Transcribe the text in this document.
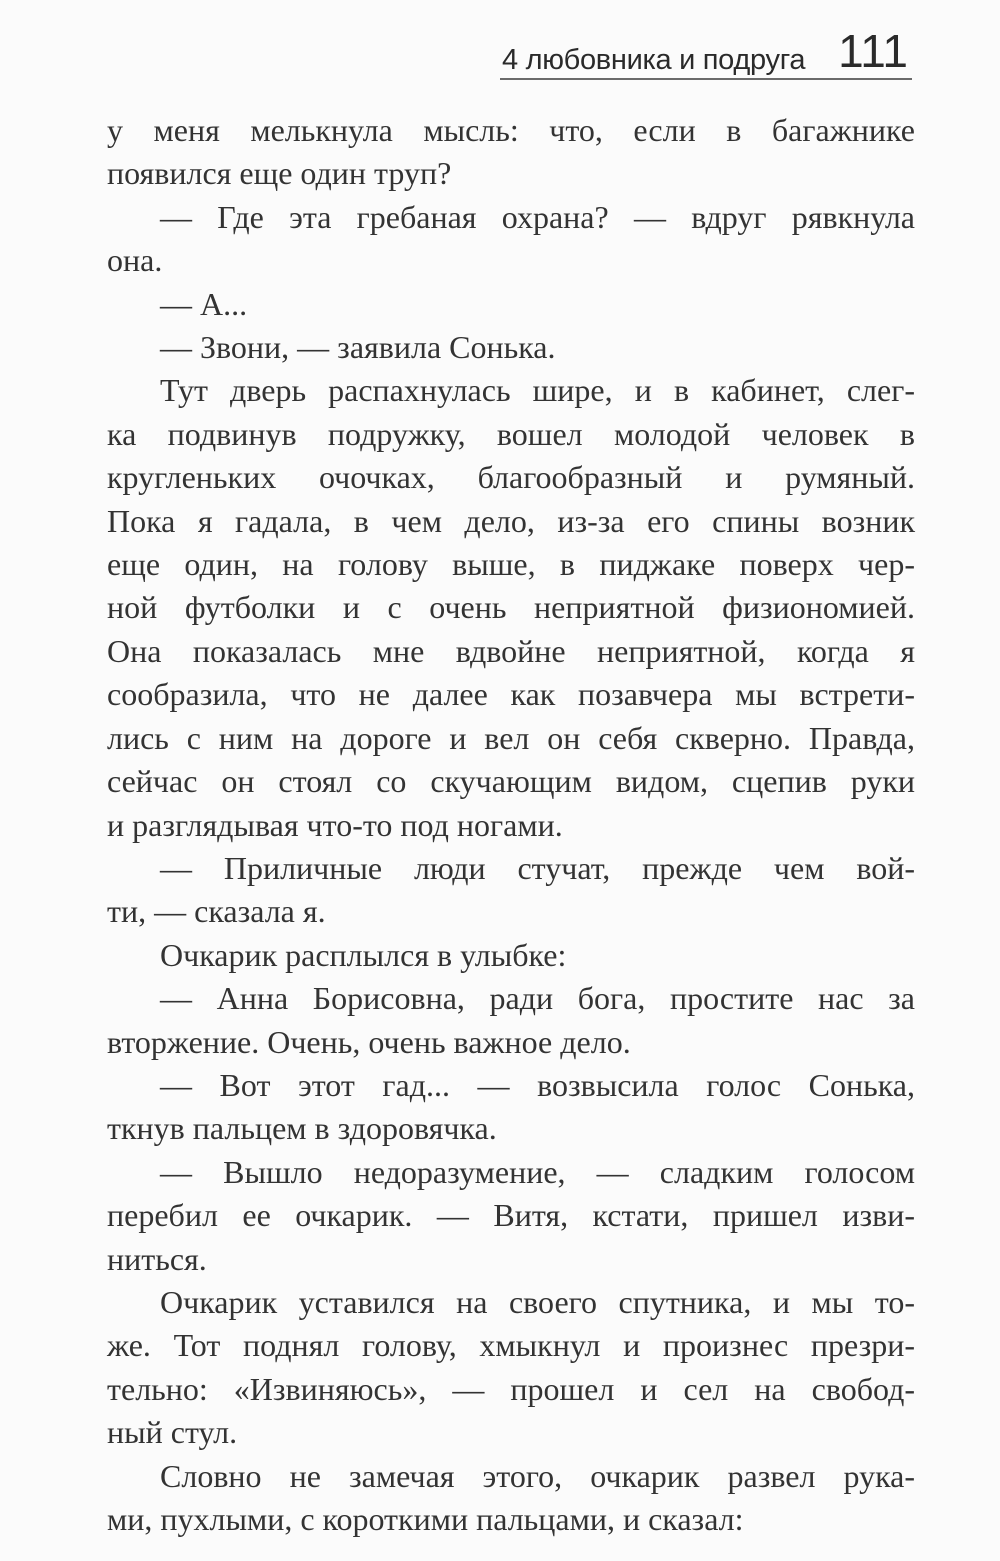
4 любовника и подруга 111
у меня мелькнула мысль: что, если в багажнике
появился еще один труп?
— Где эта гребаная охрана? — вдруг рявкнула
она.
— А...
— Звони, — заявила Сонька.
Тут дверь распахнулась шире, и в кабинет, слег-
ка подвинув подружку, вошел молодой человек в
кругленьких очочках, благообразный и румяный.
Пока я гадала, в чем дело, из-за его спины возник
еще один, на голову выше, в пиджаке поверх чер-
ной футболки и с очень неприятной физиономией.
Она показалась мне вдвойне неприятной, когда я
сообразила, что не далее как позавчера мы встрети-
лись с ним на дороге и вел он себя скверно. Правда,
сейчас он стоял со скучающим видом, сцепив руки
и разглядывая что-то под ногами.
— Приличные люди стучат, прежде чем вой-
ти, — сказала я.
Очкарик расплылся в улыбке:
— Анна Борисовна, ради бога, простите нас за
вторжение. Очень, очень важное дело.
— Вот этот гад... — возвысила голос Сонька,
ткнув пальцем в здоровячка.
— Вышло недоразумение, — сладким голосом
перебил ее очкарик. — Витя, кстати, пришел изви-
ниться.
Очкарик уставился на своего спутника, и мы то-
же. Тот поднял голову, хмыкнул и произнес презри-
тельно: «Извиняюсь», — прошел и сел на свобод-
ный стул.
Словно не замечая этого, очкарик развел рука-
ми, пухлыми, с короткими пальцами, и сказал:
